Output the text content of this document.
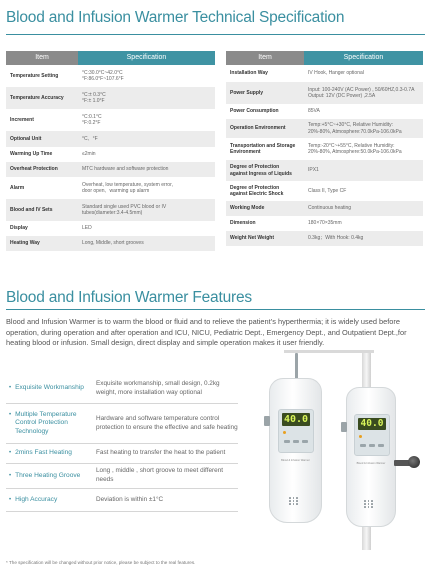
Blood and Infusion Warmer Technical Specification
Item	Specification
Temperature Setting	°C:30.0°C~42.0°C
°F:86.0°F~107.6°F
Temperature Accuracy	°C:± 0.3°C
°F:± 1.0°F
Increment	°C:0.1°C
°F:0.2°F
Optional Unit	°C、°F
Warming Up Time	≤2min
Overheat Protection	MTC hardware and software protection
Alarm	Overheat, low temperature, system error,
door open、warming up alarm
Blood and IV Sets	Standard single used PVC blood or IV
tubes(diameter:3.4-4.5mm)
Display	LED
Heating Way	Long, Middle, short grooves
Item	Specification
Installation Way	IV Hook, Hanger optional
Power Supply	Input: 100-240V (AC Power) , 50/60HZ,0.3-0.7A
Output: 12V (DC Power) ,2.5A
Power Consumption	85VA
Operation Environment	Temp:+5°C~+30°C, Relative Humidity:
20%-80%, Atmosphere:70.0kPa-106.0kPa
Transportation and Storage
Environment	Temp:-20°C~+55°C, Relative Humidity:
20%-80%, Atmosphere:50.0kPa-106.0kPa
Degree of Protection
against Ingress of Liquids	IPX1
Degree of Protection
against Electric Shock	Class II, Type CF
Working Mode	Continuous heating
Dimension	180×70×35mm
Weight Net Weight	0.3kg；With Hook: 0.4kg
Blood and Infusion Warmer Features

Blood and Infusion Warmer is to warm the blood or fluid and to relieve the patient’s hyperthermia; it is widely used before operation, during operation and after operation and ICU, NICU, Pediatric Dept., Emergency Dept., and Outpatient Dept.,for heating blood or infusion. Small design, direct display and simple operation makes it user friendly.

• Exquisite Workmanship
Exquisite workmanship, small design, 0.2kg weight, more installation way optional
• Multiple Temperature Control Protection Technology
Hardware and software temperature control protection to ensure the effective and safe heating
• 2mins Fast Heating	Fast heating to transfer the heat to the patient
• Three Heating Groove
Long , middle , short groove to meet different needs
• High Accuracy	Deviation is within ±1°C
40.0
Blood & Infusion Warmer
40.0
Blood & Infusion Warmer
* The specification will be changed without prior notice, please be subject to the real features.
